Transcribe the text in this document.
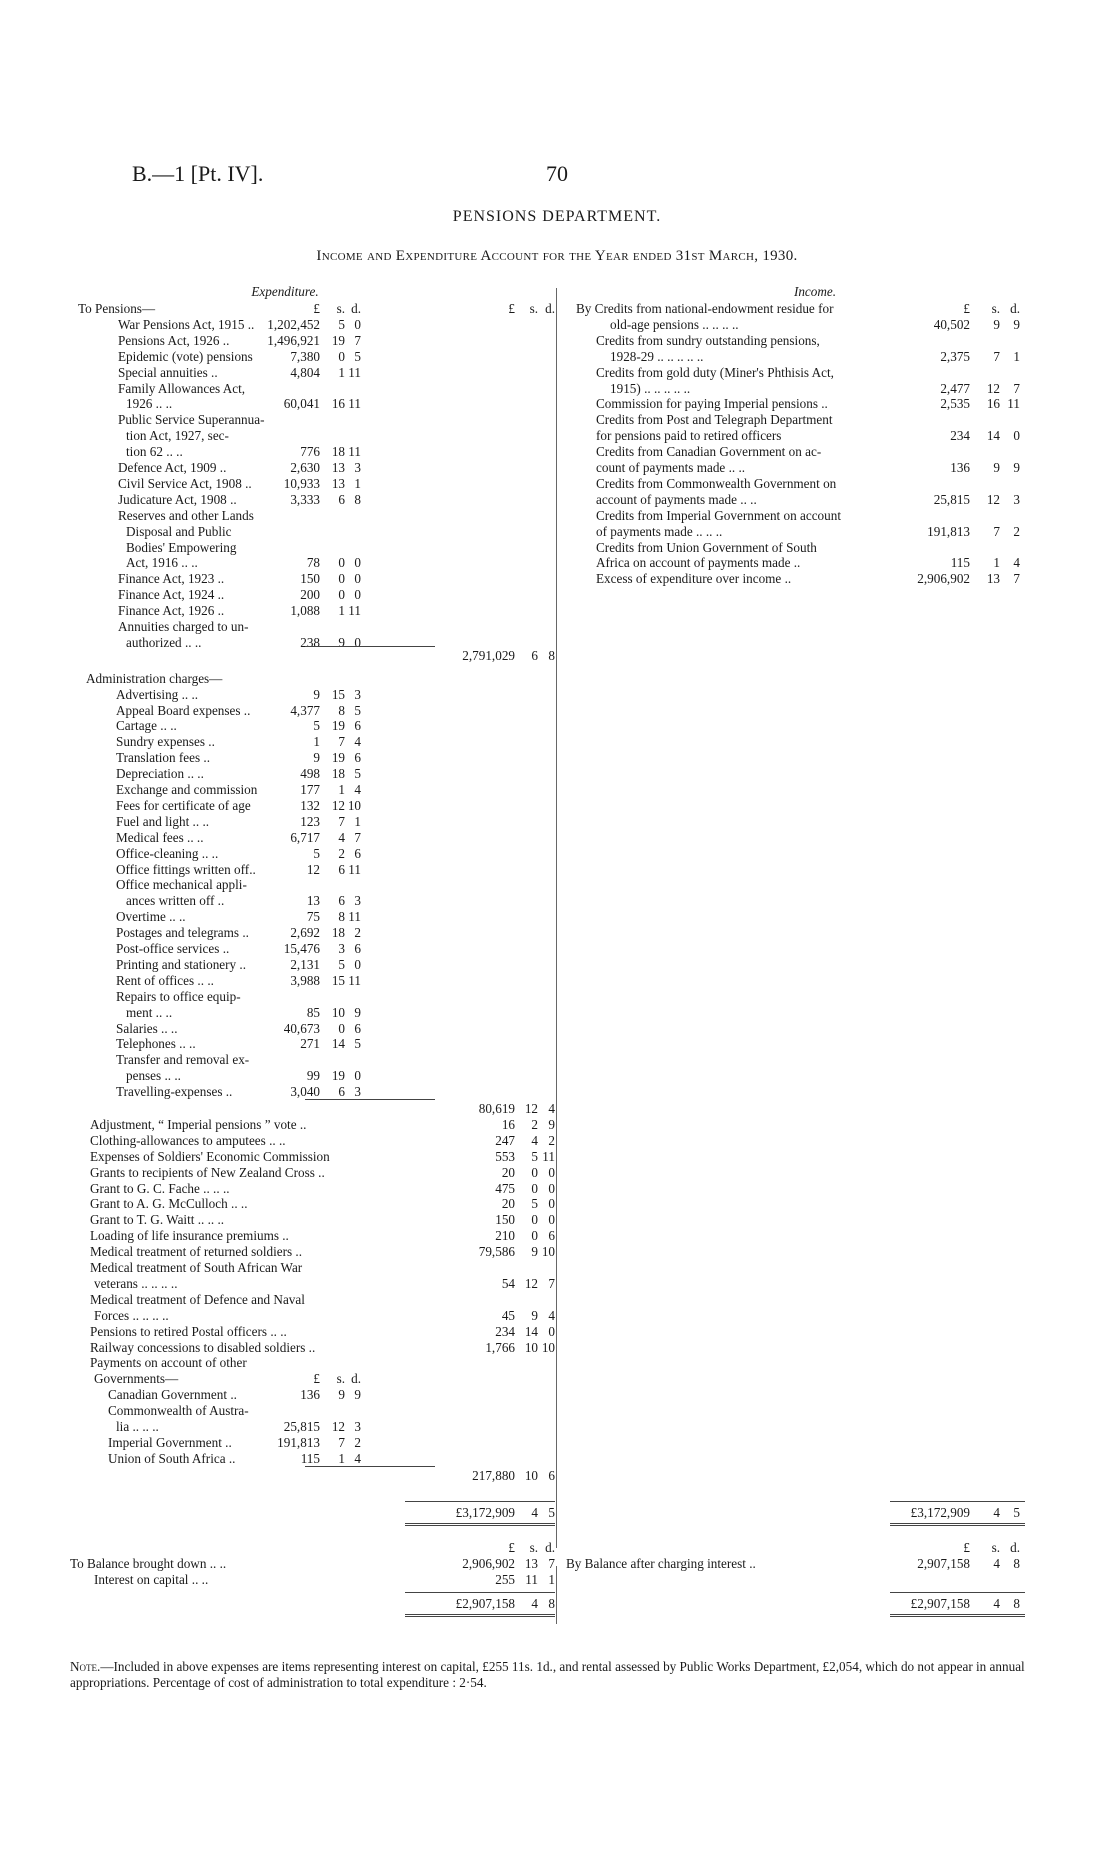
B.—1 [Pt. IV].	70
PENSIONS DEPARTMENT.
Income and Expenditure Account for the Year ended 31st March, 1930.
Expenditure.	Income.
£	s. d.	£	s. d.
To Pensions—
War Pensions Act, 1915 .. 1,202,452	5 0
Pensions Act, 1926 ..	1,496,921 19 7
Epidemic (vote) pensions	7,380	0 5
Special annuities ..	4,804	1 11
Family Allowances Act,
1926 .. ..	60,041 16 11
Public Service Superannua-
tion Act, 1927, sec-
tion 62 .. ..	776 18 11
Defence Act, 1909 ..	2,630 13 3
Civil Service Act, 1908 ..	10,933 13 1
Judicature Act, 1908 ..	3,333	6 8
Reserves and other Lands
Disposal and Public
Bodies' Empowering
Act, 1916 .. ..	78	0 0
Finance Act, 1923 ..	150	0 0
Finance Act, 1924 ..	200	0 0
Finance Act, 1926 ..	1,088	1 11
Annuities charged to un-
authorized .. ..	238	9 0
2,791,029	6 8
Administration charges—
Advertising .. ..	9 15 3
Appeal Board expenses ..	4,377	8 5
Cartage .. ..	5 19 6
Sundry expenses ..	1	7 4
Translation fees ..	9 19 6
Depreciation .. ..	498 18 5
Exchange and commission	177	1 4
Fees for certificate of age	132 12 10
Fuel and light .. ..	123	7 1
Medical fees .. ..	6,717	4 7
Office-cleaning .. ..	5	2 6
Office fittings written off..	12	6 11
Office mechanical appli-
ances written off ..	13	6 3
Overtime .. ..	75	8 11
Postages and telegrams ..	2,692 18 2
Post-office services ..	15,476	3 6
Printing and stationery ..	2,131	5 0
Rent of offices .. ..	3,988 15 11
Repairs to office equip-
ment .. ..	85 10 9
Salaries .. ..	40,673	0 6
Telephones .. ..	271 14 5
Transfer and removal ex-
penses .. ..	99 19 0
Travelling-expenses ..	3,040	6 3
80,619 12 4
Adjustment, “ Imperial pensions ” vote ..	16	2 9
Clothing-allowances to amputees .. ..	247	4 2
Expenses of Soldiers' Economic Commission	553	5 11
Grants to recipients of New Zealand Cross ..	20	0 0
Grant to G. C. Fache .. .. ..	475	0 0
Grant to A. G. McCulloch .. ..	20	5 0
Grant to T. G. Waitt .. .. ..	150	0 0
Loading of life insurance premiums ..	210	0 6
Medical treatment of returned soldiers ..	79,586	9 10
Medical treatment of South African War
veterans .. .. .. ..	54 12 7
Medical treatment of Defence and Naval
Forces .. .. .. ..	45	9 4
Pensions to retired Postal officers .. ..	234 14 0
Railway concessions to disabled soldiers ..	1,766 10 10
Payments on account of other
Governments—	£	s. d.
Canadian Government ..	136	9 9
Commonwealth of Austra-
lia .. .. ..	25,815 12 3
Imperial Government ..	191,813	7 2
Union of South Africa ..	115	1 4
217,880 10 6
£3,172,909	4 5
£	s. d.
To Balance brought down .. ..	2,906,902 13 7
Interest on capital .. ..	255 11 1
£2,907,158	4 8
£	s. d.
By Credits from national-endowment residue for
old-age pensions .. .. .. ..	40,502	9	9
Credits from sundry outstanding pensions,
1928-29 .. .. .. .. ..	2,375	7	1
Credits from gold duty (Miner's Phthisis Act,
1915) .. .. .. .. ..	2,477	12	7
Commission for paying Imperial pensions ..	2,535	16 11
Credits from Post and Telegraph Department
for pensions paid to retired officers	234	14	0
Credits from Canadian Government on ac-
count of payments made .. ..	136	9	9
Credits from Commonwealth Government on
account of payments made .. ..	25,815	12	3
Credits from Imperial Government on account
of payments made .. .. ..	191,813	7	2
Credits from Union Government of South
Africa on account of payments made ..	115	1	4
Excess of expenditure over income ..	2,906,902	13	7
£3,172,909	4	5
£	s. d.
By Balance after charging interest ..	2,907,158	4	8
£2,907,158	4	8
Note.—Included in above expenses are items representing interest on capital, £255 11s. 1d., and rental assessed by Public Works Department, £2,054, which do not appear in annual appropriations. Percentage of cost of administration to total expenditure : 2·54.
